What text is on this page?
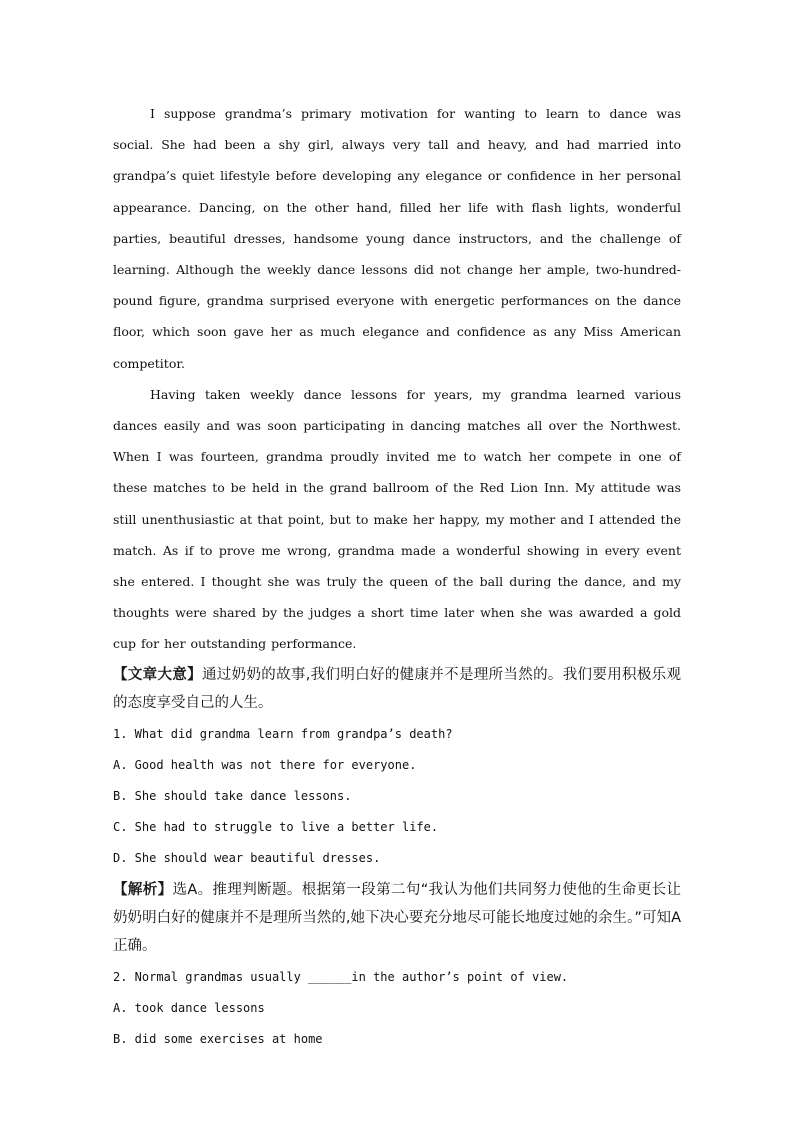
I suppose grandma’s primary motivation for wanting to learn to dance was social. She had been a shy girl, always very tall and heavy, and had married into grandpa’s quiet lifestyle before developing any elegance or confidence in her personal appearance. Dancing, on the other hand, filled her life with flash lights, wonderful parties, beautiful dresses, handsome young dance instructors, and the challenge of learning. Although the weekly dance lessons did not change her ample, two-hundred-pound figure, grandma surprised everyone with energetic performances on the dance floor, which soon gave her as much elegance and confidence as any Miss American competitor.

Having taken weekly dance lessons for years, my grandma learned various dances easily and was soon participating in dancing matches all over the Northwest. When I was fourteen, grandma proudly invited me to watch her compete in one of these matches to be held in the grand ballroom of the Red Lion Inn. My attitude was still unenthusiastic at that point, but to make her happy, my mother and I attended the match. As if to prove me wrong, grandma made a wonderful showing in every event she entered. I thought she was truly the queen of the ball during the dance, and my thoughts were shared by the judges a short time later when she was awarded a gold cup for her outstanding performance.

【文章大意】通过奶奶的故事,我们明白好的健康并不是理所当然的。我们要用积极乐观的态度享受自己的人生。

1. What did grandma learn from grandpa’s death?

A. Good health was not there for everyone.

B. She should take dance lessons.

C. She had to struggle to live a better life.

D. She should wear beautiful dresses.

【解析】选A。推理判断题。根据第一段第二句“我认为他们共同努力使他的生命更长让奶奶明白好的健康并不是理所当然的,她下决心要充分地尽可能长地度过她的余生。”可知A正确。

2. Normal grandmas usually ______in the author’s point of view.

A. took dance lessons

B. did some exercises at home
